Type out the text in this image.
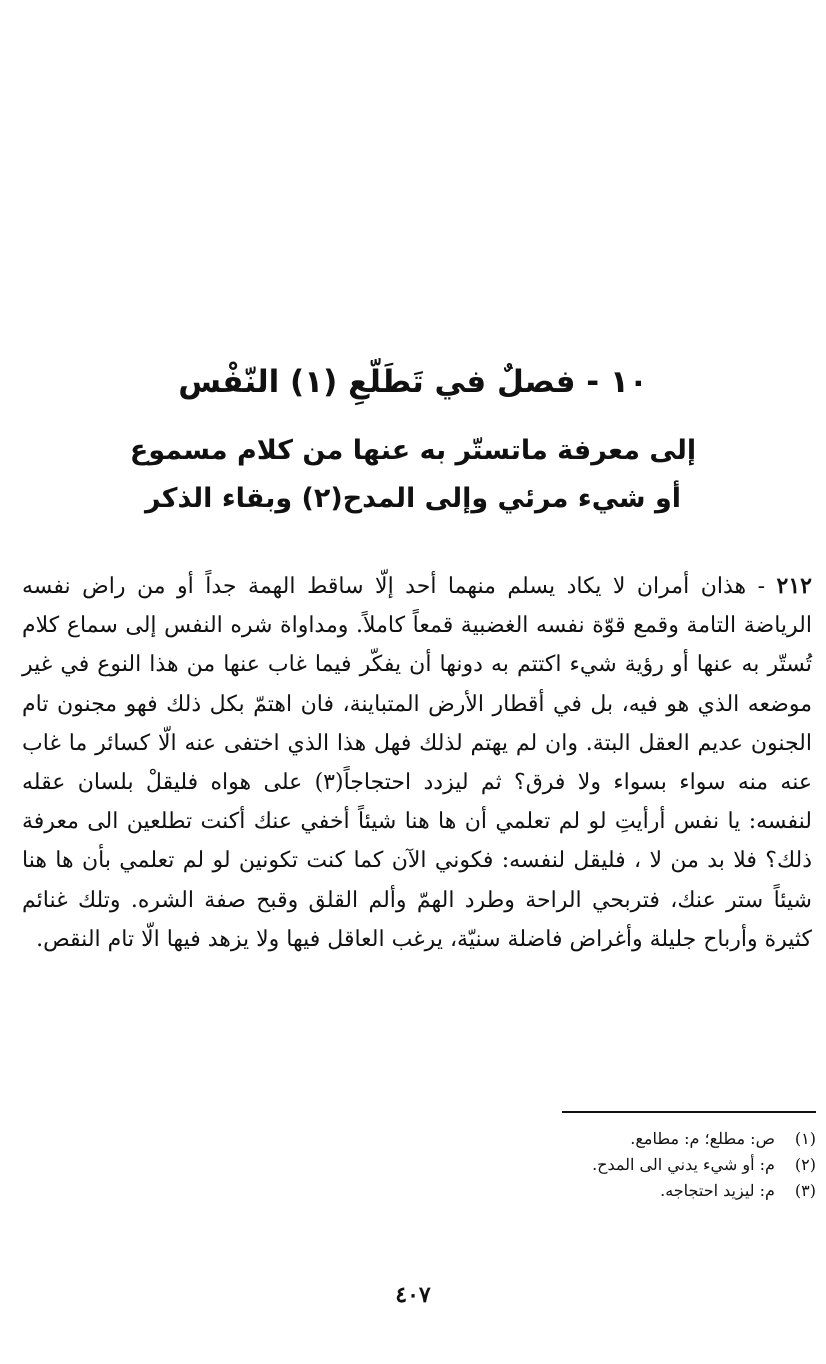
١٠ - فصلٌ في تَطَلّعِ (١) النّفْس
إلى معرفة ماتستّر به عنها من كلام مسموع
أو شيء مرئي وإلى المدح(٢) وبقاء الذكر

٢١٢ - هذان أمران لا يكاد يسلم منهما أحد إلّا ساقط الهمة جداً أو من راض نفسه الرياضة التامة وقمع قوّة نفسه الغضبية قمعاً كاملاً. ومداواة شره النفس إلى سماع كلام تُستّر به عنها أو رؤية شيء اكتتم به دونها أن يفكّر فيما غاب عنها من هذا النوع في غير موضعه الذي هو فيه، بل في أقطار الأرض المتباينة، فان اهتمّ بكل ذلك فهو مجنون تام الجنون عديم العقل البتة. وان لم يهتم لذلك فهل هذا الذي اختفى عنه الّا كسائر ما غاب عنه منه سواء بسواء ولا فرق؟ ثم ليزدد احتجاجاً(٣) على هواه فليقلْ بلسان عقله لنفسه: يا نفس أرأيتِ لو لم تعلمي أن ها هنا شيئاً أخفي عنك أكنت تطلعين الى معرفة ذلك؟ فلا بد من لا ، فليقل لنفسه: فكوني الآن كما كنت تكونين لو لم تعلمي بأن ها هنا شيئاً ستر عنك، فتربحي الراحة وطرد الهمّ وألم القلق وقبح صفة الشره. وتلك غنائم كثيرة وأرباح جليلة وأغراض فاضلة سنيّة، يرغب العاقل فيها ولا يزهد فيها الّا تام النقص.

(١) ص: مطلع؛ م: مطامع.
(٢) م: أو شيء يدني الى المدح.
(٣) م: ليزيد احتجاجه.
٤٠٧
